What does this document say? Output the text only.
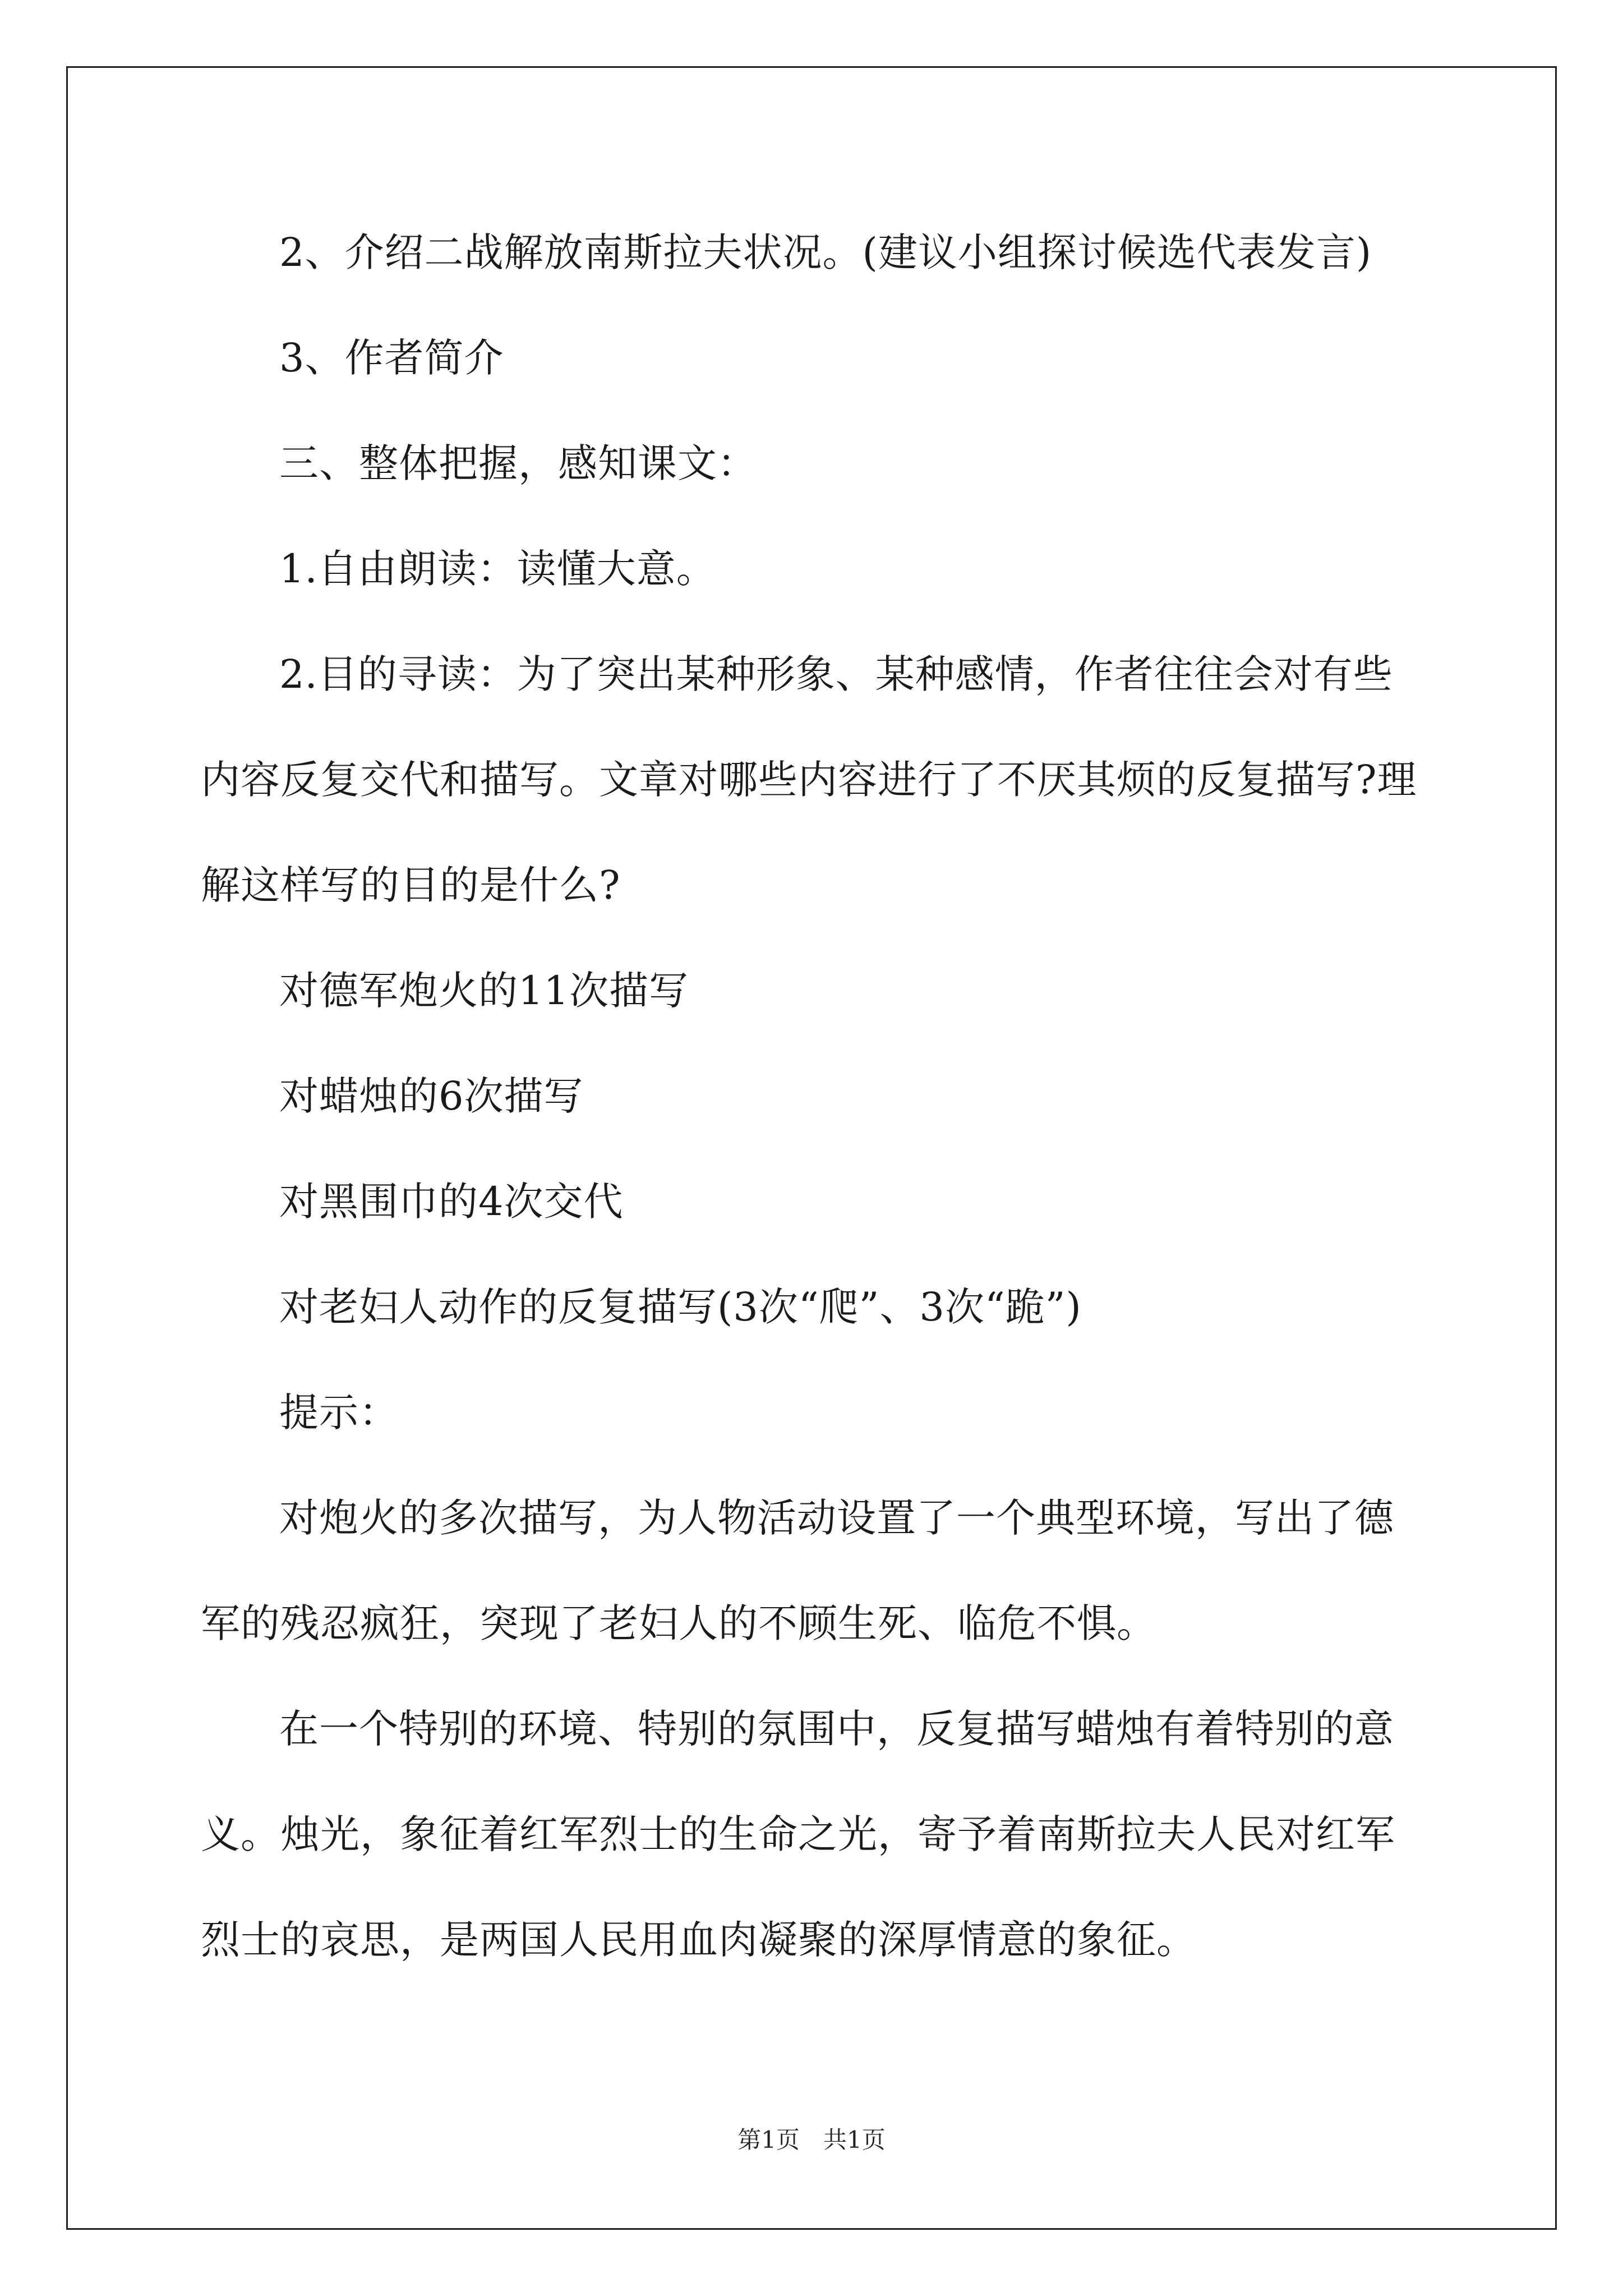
2、介绍二战解放南斯拉夫状况。(建议小组探讨候选代表发言)
3、作者简介
三、整体把握，感知课文：
1.自由朗读：读懂大意。
2.目的寻读：为了突出某种形象、某种感情，作者往往会对有些
内容反复交代和描写。文章对哪些内容进行了不厌其烦的反复描写?理
解这样写的目的是什么?
对德军炮火的11次描写
对蜡烛的6次描写
对黑围巾的4次交代
对老妇人动作的反复描写(3次“爬”、3次“跪”)
提示：
对炮火的多次描写，为人物活动设置了一个典型环境，写出了德
军的残忍疯狂，突现了老妇人的不顾生死、临危不惧。
在一个特别的环境、特别的氛围中，反复描写蜡烛有着特别的意
义。烛光，象征着红军烈士的生命之光，寄予着南斯拉夫人民对红军
烈士的哀思，是两国人民用血肉凝聚的深厚情意的象征。
第1页　共1页
